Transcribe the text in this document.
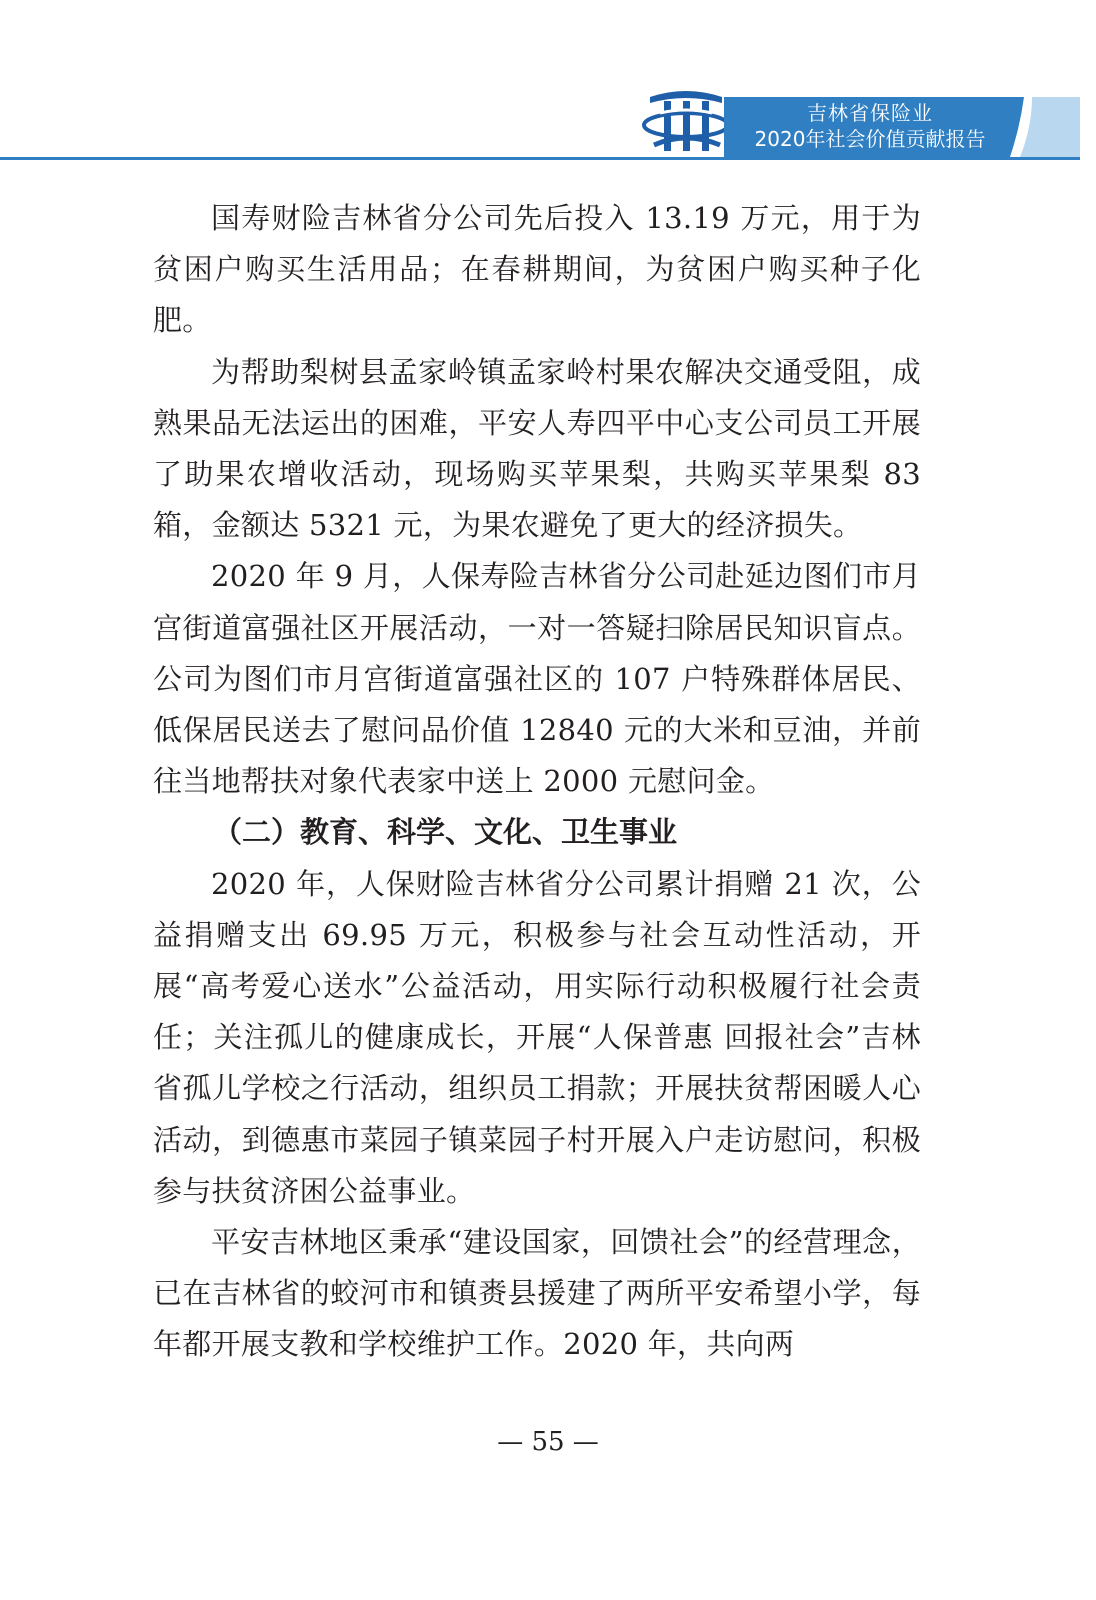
吉林省保险业
2020年社会价值贡献报告

国寿财险吉林省分公司先后投入 13.19 万元，用于为贫困户购买生活用品；在春耕期间，为贫困户购买种子化肥。

为帮助梨树县孟家岭镇孟家岭村果农解决交通受阻，成熟果品无法运出的困难，平安人寿四平中心支公司员工开展了助果农增收活动，现场购买苹果梨，共购买苹果梨 83 箱，金额达 5321 元，为果农避免了更大的经济损失。

2020 年 9 月，人保寿险吉林省分公司赴延边图们市月宫街道富强社区开展活动，一对一答疑扫除居民知识盲点。公司为图们市月宫街道富强社区的 107 户特殊群体居民、低保居民送去了慰问品价值 12840 元的大米和豆油，并前往当地帮扶对象代表家中送上 2000 元慰问金。

（二）教育、科学、文化、卫生事业

2020 年，人保财险吉林省分公司累计捐赠 21 次，公益捐赠支出 69.95 万元，积极参与社会互动性活动，开展“高考爱心送水”公益活动，用实际行动积极履行社会责任；关注孤儿的健康成长，开展“人保普惠 回报社会”吉林省孤儿学校之行活动，组织员工捐款；开展扶贫帮困暖人心活动，到德惠市菜园子镇菜园子村开展入户走访慰问，积极参与扶贫济困公益事业。

平安吉林地区秉承“建设国家，回馈社会”的经营理念，已在吉林省的蛟河市和镇赉县援建了两所平安希望小学，每年都开展支教和学校维护工作。2020 年，共向两

— 55 —
